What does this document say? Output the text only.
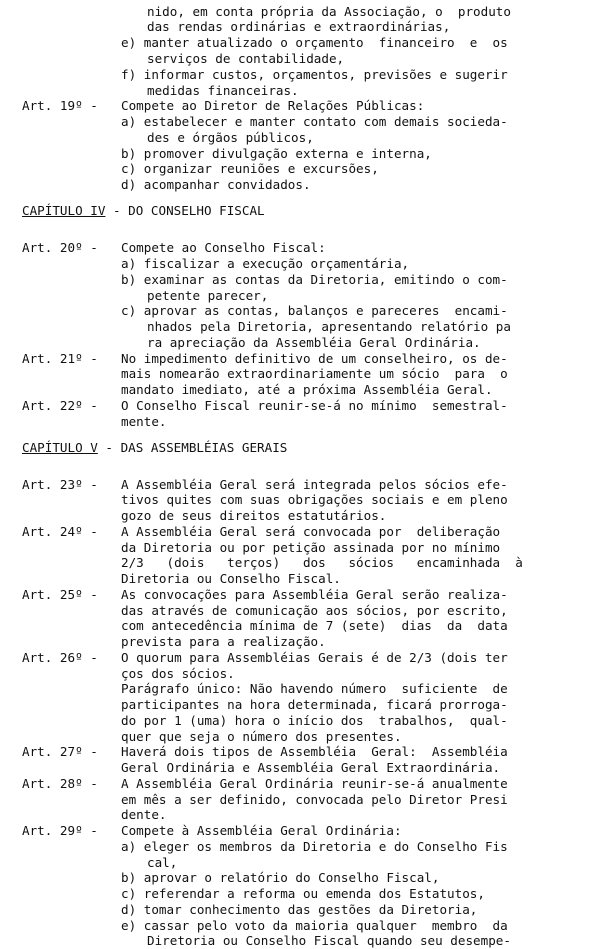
nido, em conta própria da Associação, o  produto
das rendas ordinárias e extraordinárias,
e) manter atualizado o orçamento  financeiro  e  os
serviços de contabilidade,
f) informar custos, orçamentos, previsões e sugerir
medidas financeiras.
Art. 19º - Compete ao Diretor de Relações Públicas:
a) estabelecer e manter contato com demais socieda-
des e órgãos públicos,
b) promover divulgação externa e interna,
c) organizar reuniões e excursões,
d) acompanhar convidados.
Art. 20º - Compete ao Conselho Fiscal:
a) fiscalizar a execução orçamentária,
b) examinar as contas da Diretoria, emitindo o com-
petente parecer,
c) aprovar as contas, balanços e pareceres  encami-
nhados pela Diretoria, apresentando relatório pa
ra apreciação da Assembléia Geral Ordinária.
Art. 21º - No impedimento definitivo de um conselheiro, os de-
mais nomearão extraordinariamente um sócio  para  o
mandato imediato, até a próxima Assembléia Geral.
Art. 22º - O Conselho Fiscal reunir-se-á no mínimo  semestral-
mente.
Art. 23º - A Assembléia Geral será integrada pelos sócios efe-
tivos quites com suas obrigações sociais e em pleno
gozo de seus direitos estatutários.
Art. 24º - A Assembléia Geral será convocada por  deliberação
da Diretoria ou por petição assinada por no mínimo
2/3   (dois   terços)   dos   sócios   encaminhada  à
Diretoria ou Conselho Fiscal.
Art. 25º - As convocações para Assembléia Geral serão realiza-
das através de comunicação aos sócios, por escrito,
com antecedência mínima de 7 (sete)  dias  da  data
prevista para a realização.
Art. 26º - O quorum para Assembléias Gerais é de 2/3 (dois ter
ços dos sócios.
Parágrafo único: Não havendo número  suficiente  de
participantes na hora determinada, ficará prorroga-
do por 1 (uma) hora o início dos  trabalhos,  qual-
quer que seja o número dos presentes.
Art. 27º - Haverá dois tipos de Assembléia  Geral:  Assembléia
Geral Ordinária e Assembléia Geral Extraordinária.
Art. 28º - A Assembléia Geral Ordinária reunir-se-á anualmente
em mês a ser definido, convocada pelo Diretor Presi
dente.
Art. 29º - Compete à Assembléia Geral Ordinária:
a) eleger os membros da Diretoria e do Conselho Fis
cal,
b) aprovar o relatório do Conselho Fiscal,
c) referendar a reforma ou emenda dos Estatutos,
d) tomar conhecimento das gestões da Diretoria,
e) cassar pelo voto da maioria qualquer  membro  da
Diretoria ou Conselho Fiscal quando seu desempe-
CAPÍTULO IV - DO CONSELHO FISCAL
CAPÍTULO V - DAS ASSEMBLÉIAS GERAIS
